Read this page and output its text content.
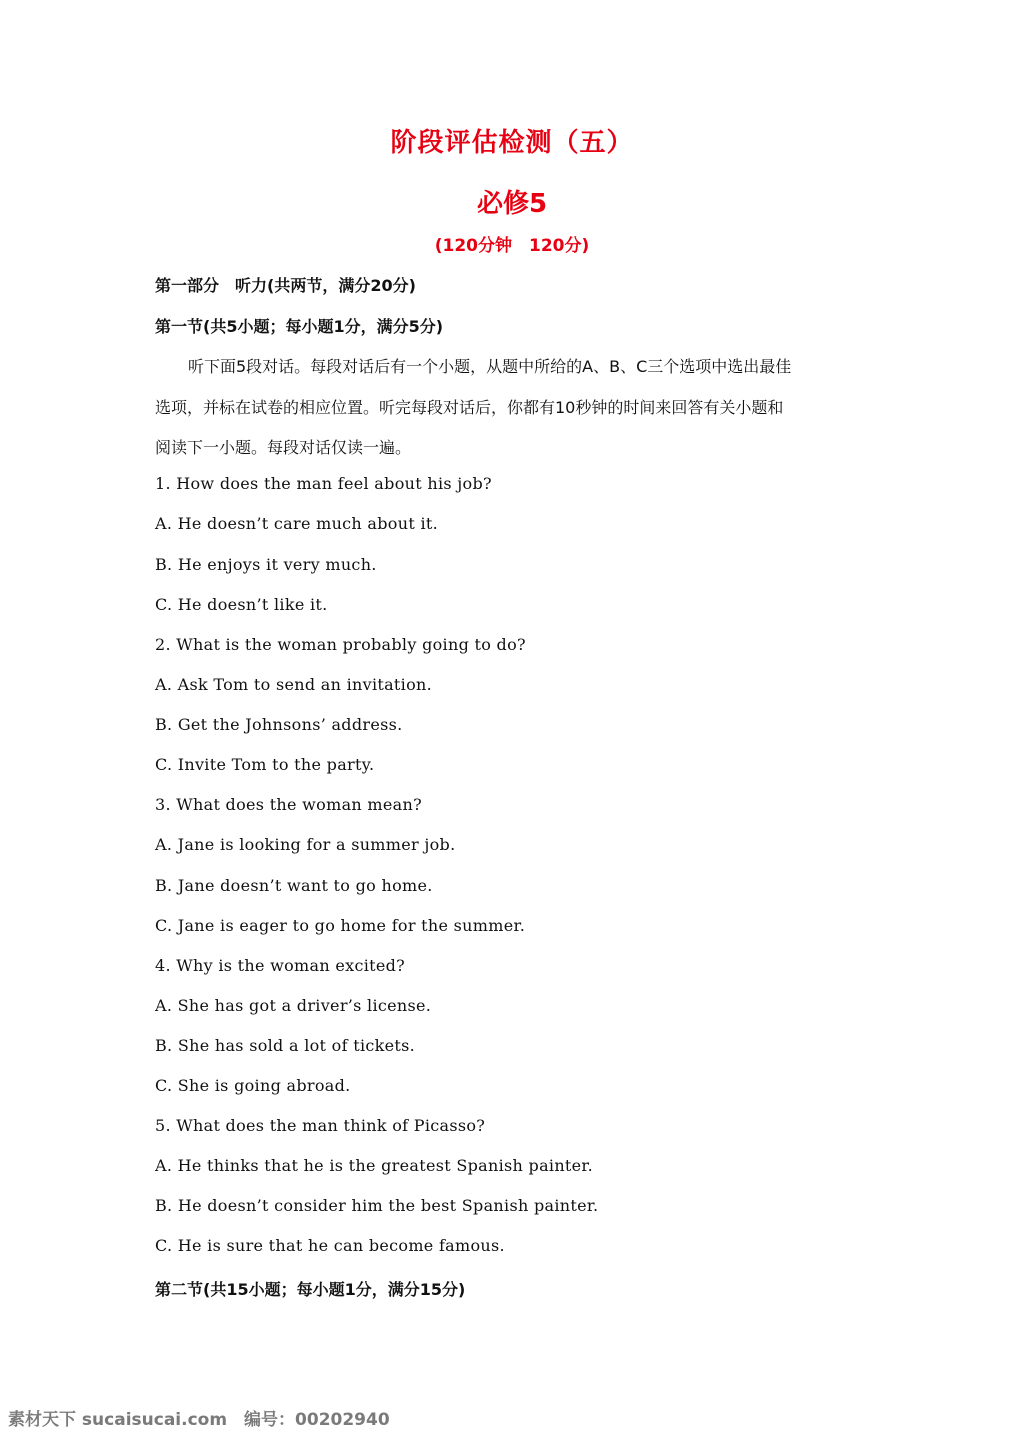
阶段评估检测（五）
必修5
(120分钟　120分)
第一部分　听力(共两节，满分20分)
第一节(共5小题；每小题1分，满分5分)
听下面5段对话。每段对话后有一个小题，从题中所给的A、B、C三个选项中选出最佳
选项，并标在试卷的相应位置。听完每段对话后，你都有10秒钟的时间来回答有关小题和
阅读下一小题。每段对话仅读一遍。
1. How does the man feel about his job?
A. He doesn’t care much about it.
B. He enjoys it very much.
C. He doesn’t like it.
2. What is the woman probably going to do?
A. Ask Tom to send an invitation.
B. Get the Johnsons’ address.
C. Invite Tom to the party.
3. What does the woman mean?
A. Jane is looking for a summer job.
B. Jane doesn’t want to go home.
C. Jane is eager to go home for the summer.
4. Why is the woman excited?
A. She has got a driver’s license.
B. She has sold a lot of tickets.
C. She is going abroad.
5. What does the man think of Picasso?
A. He thinks that he is the greatest Spanish painter.
B. He doesn’t consider him the best Spanish painter.
C. He is sure that he can become famous.
第二节(共15小题；每小题1分，满分15分)
素材天下 sucaisucai.com　编号：00202940
